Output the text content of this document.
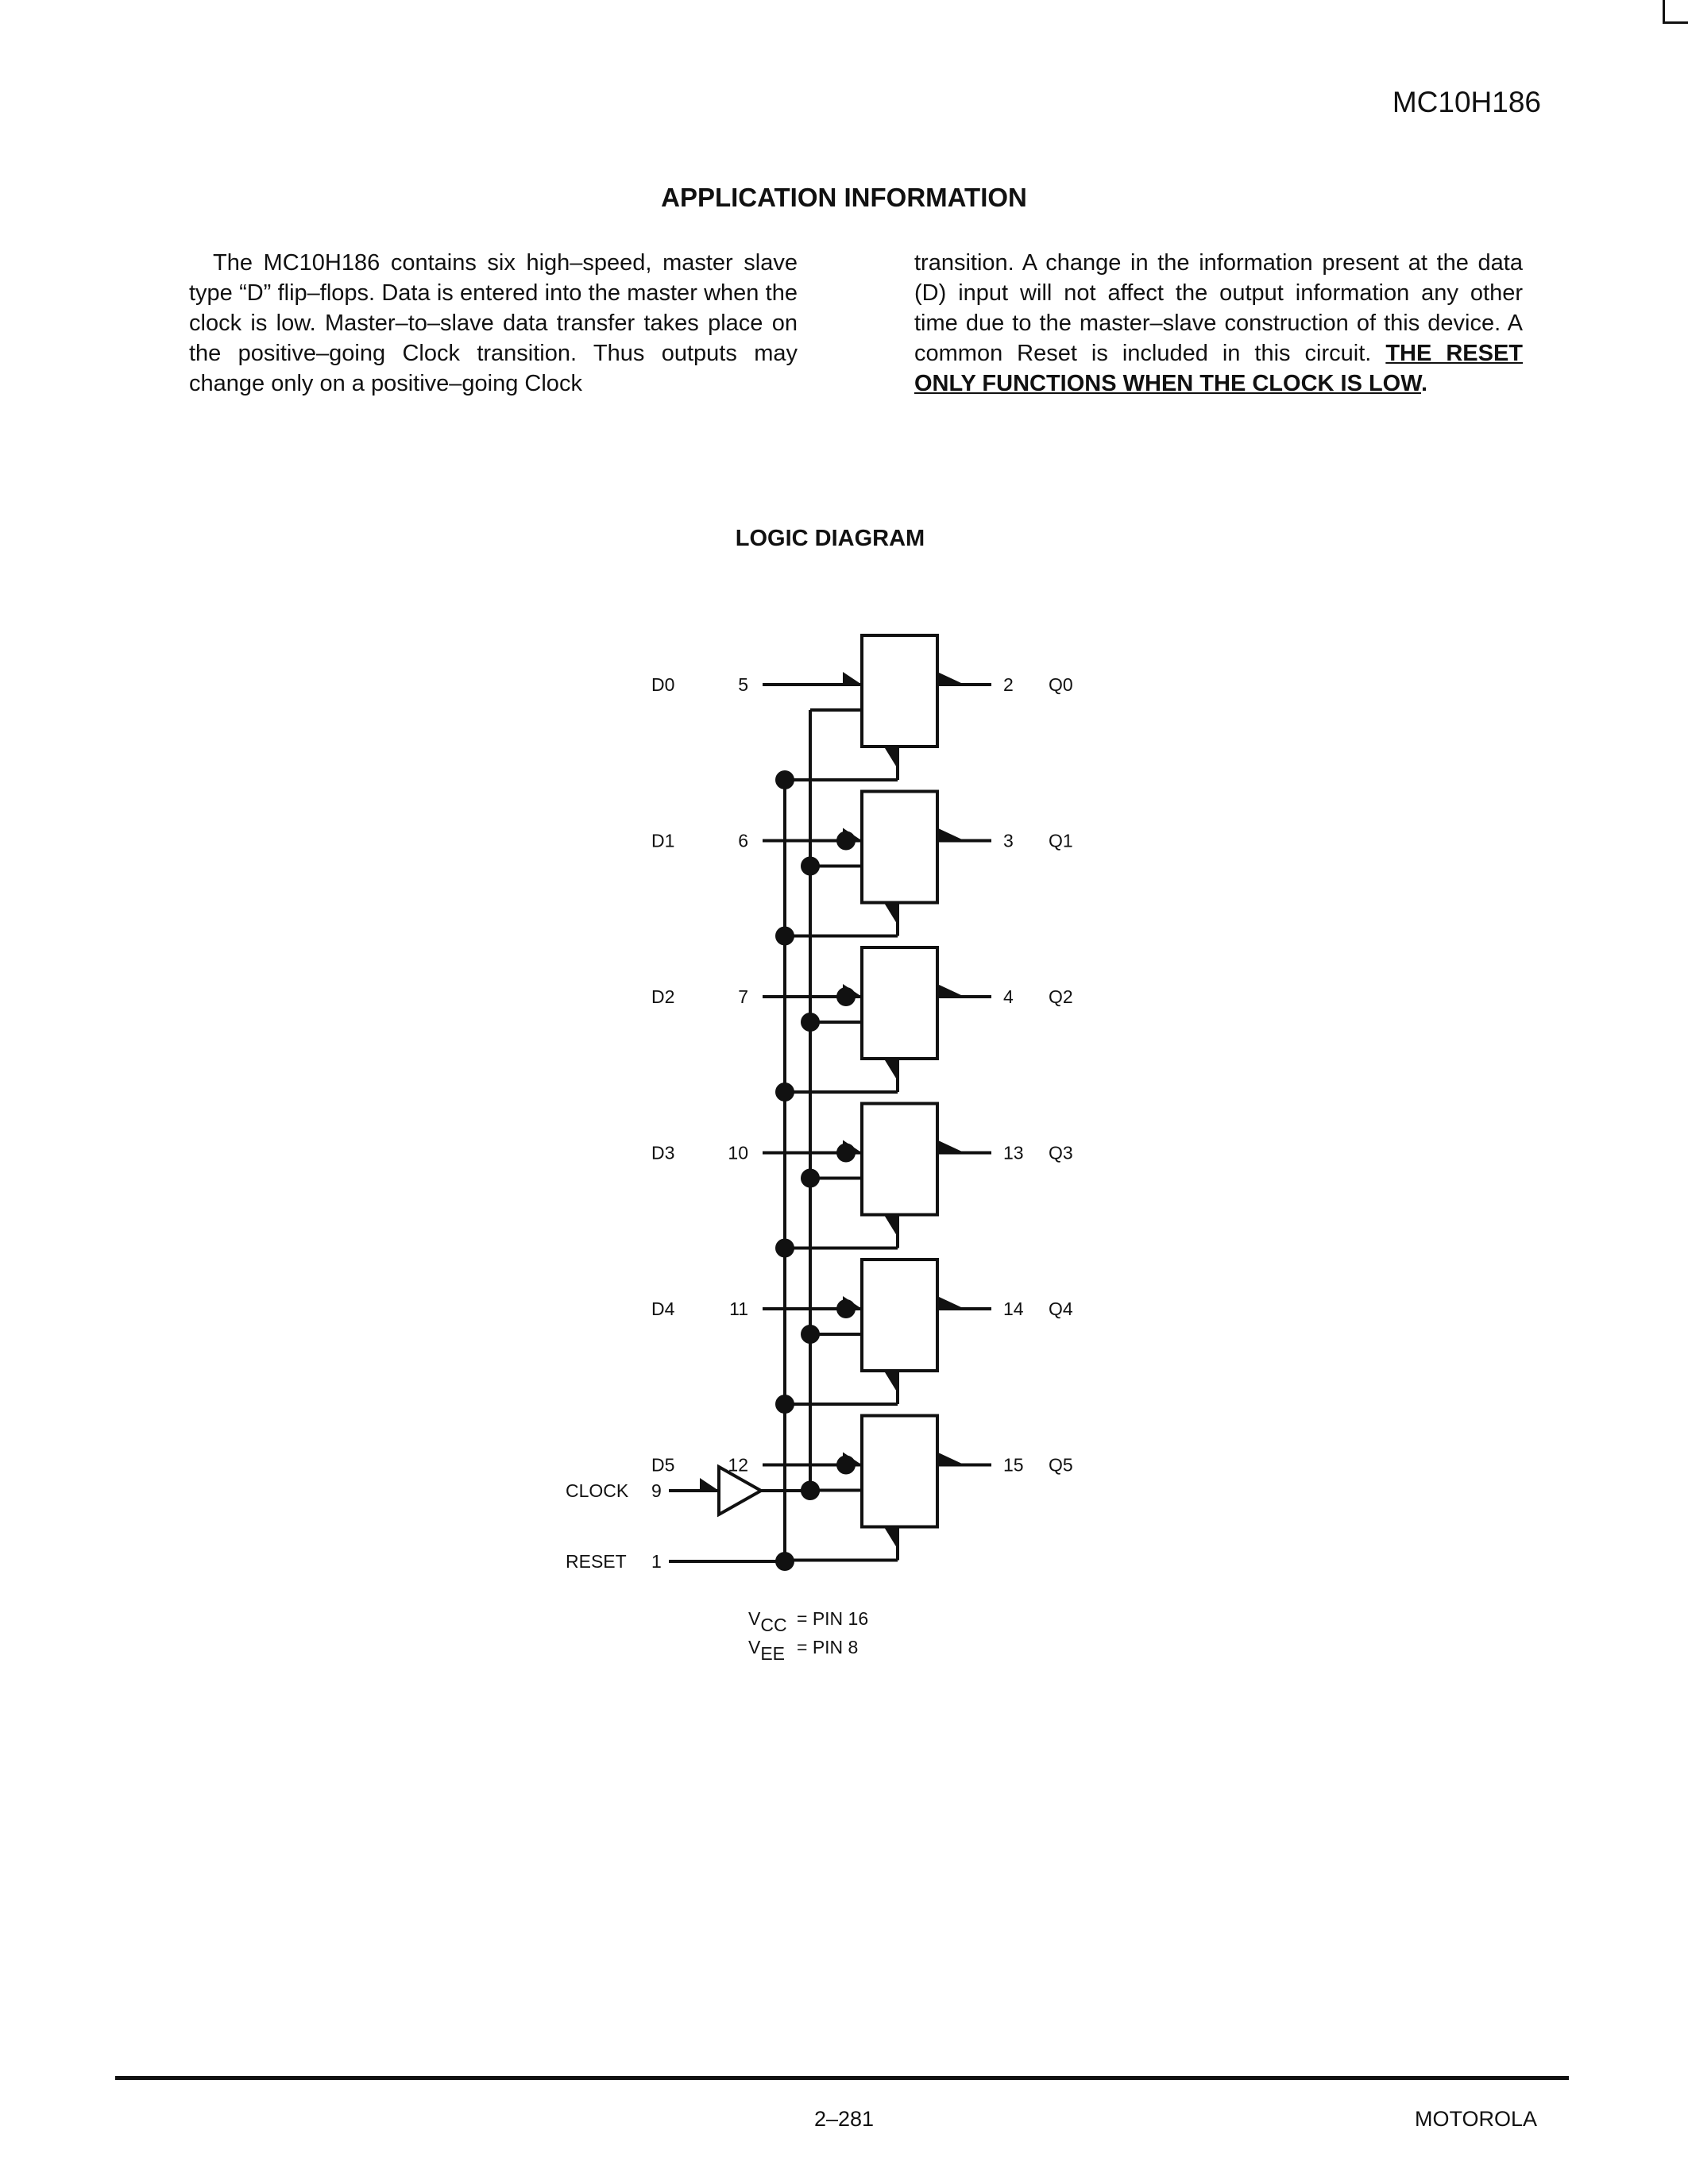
MC10H186
APPLICATION INFORMATION
The MC10H186 contains six high–speed, master slave type “D” flip–flops. Data is entered into the master when the clock is low. Master–to–slave data transfer takes place on the positive–going Clock transition. Thus outputs may change only on a positive–going Clock
transition. A change in the information present at the data (D) input will not affect the output information any other time due to the master–slave construction of this device. A common Reset is included in this circuit. THE RESET ONLY FUNCTIONS WHEN THE CLOCK IS LOW.
LOGIC DIAGRAM
D0	5	2 Q0
D1	6	3 Q1
D2	7	4 Q2
D3	10	13 Q3
D4	11	14 Q4
D5	12	15 Q5
CLOCK 9
RESET 1
VCC = PIN 16
VEE = PIN 8
2–281	MOTOROLA
